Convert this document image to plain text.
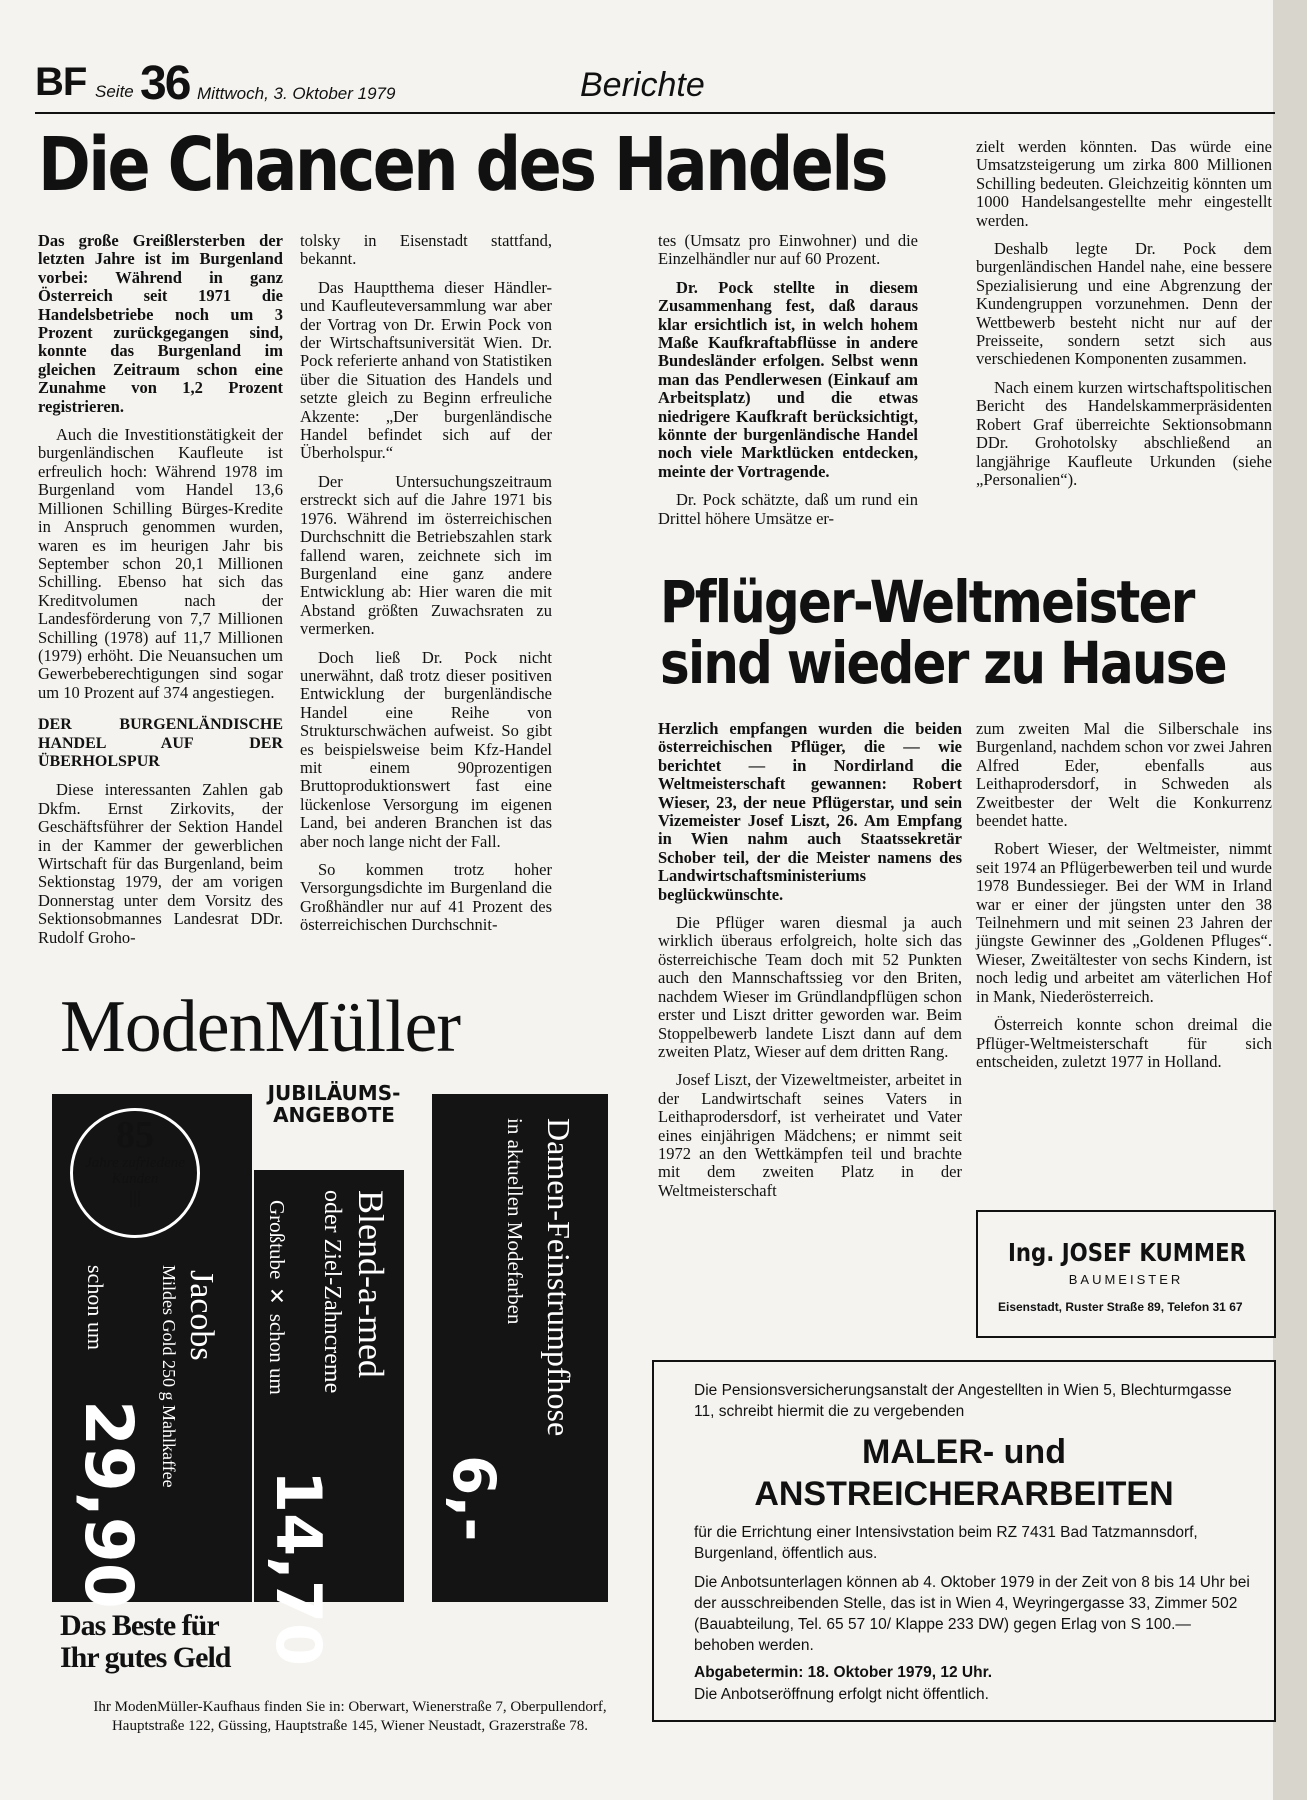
BF Seite 36 Mittwoch, 3. Oktober 1979	Berichte
Die Chancen des Handels

Das große Greißlersterben der letzten Jahre ist im Burgenland vorbei: Während in ganz Österreich seit 1971 die Handelsbetriebe noch um 3 Prozent zurückgegangen sind, konnte das Burgenland im gleichen Zeitraum schon eine Zunahme von 1,2 Prozent registrieren.

Auch die Investitionstätigkeit der burgenländischen Kaufleute ist erfreulich hoch: Während 1978 im Burgenland vom Handel 13,6 Millionen Schilling Bürges-Kredite in Anspruch genommen wurden, waren es im heurigen Jahr bis September schon 20,1 Millionen Schilling. Ebenso hat sich das Kreditvolumen nach der Landesförderung von 7,7 Millionen Schilling (1978) auf 11,7 Millionen (1979) erhöht. Die Neuansuchen um Gewerbeberechtigungen sind sogar um 10 Prozent auf 374 angestiegen.

DER BURGENLÄNDISCHE HANDEL AUF DER ÜBERHOLSPUR

Diese interessanten Zahlen gab Dkfm. Ernst Zirkovits, der Geschäftsführer der Sektion Handel in der Kammer der gewerblichen Wirtschaft für das Burgenland, beim Sektionstag 1979, der am vorigen Donnerstag unter dem Vorsitz des Sektionsobmannes Landesrat DDr. Rudolf Groho-

tolsky in Eisenstadt stattfand, bekannt.

Das Hauptthema dieser Händler- und Kaufleuteversammlung war aber der Vortrag von Dr. Erwin Pock von der Wirtschaftsuniversität Wien. Dr. Pock referierte anhand von Statistiken über die Situation des Handels und setzte gleich zu Beginn erfreuliche Akzente: „Der burgenländische Handel befindet sich auf der Überholspur.“

Der Untersuchungszeitraum erstreckt sich auf die Jahre 1971 bis 1976. Während im österreichischen Durchschnitt die Betriebszahlen stark fallend waren, zeichnete sich im Burgenland eine ganz andere Entwicklung ab: Hier waren die mit Abstand größten Zuwachsraten zu vermerken.

Doch ließ Dr. Pock nicht unerwähnt, daß trotz dieser positiven Entwicklung der burgenländische Handel eine Reihe von Strukturschwächen aufweist. So gibt es beispielsweise beim Kfz-Handel mit einem 90prozentigen Bruttoproduktionswert fast eine lückenlose Versorgung im eigenen Land, bei anderen Branchen ist das aber noch lange nicht der Fall.

So kommen trotz hoher Versorgungsdichte im Burgenland die Großhändler nur auf 41 Prozent des österreichischen Durchschnit-

tes (Umsatz pro Einwohner) und die Einzelhändler nur auf 60 Prozent.

Dr. Pock stellte in diesem Zusammenhang fest, daß daraus klar ersichtlich ist, in welch hohem Maße Kaufkraftabflüsse in andere Bundesländer erfolgen. Selbst wenn man das Pendlerwesen (Einkauf am Arbeitsplatz) und die etwas niedrigere Kaufkraft berücksichtigt, könnte der burgenländische Handel noch viele Marktlücken entdecken, meinte der Vortragende.

Dr. Pock schätzte, daß um rund ein Drittel höhere Umsätze er-

zielt werden könnten. Das würde eine Umsatzsteigerung um zirka 800 Millionen Schilling bedeuten. Gleichzeitig könnten um 1000 Handelsangestellte mehr eingestellt werden.

Deshalb legte Dr. Pock dem burgenländischen Handel nahe, eine bessere Spezialisierung und eine Abgrenzung der Kundengruppen vorzunehmen. Denn der Wettbewerb besteht nicht nur auf der Preisseite, sondern setzt sich aus verschiedenen Komponenten zusammen.

Nach einem kurzen wirtschaftspolitischen Bericht des Handelskammerpräsidenten Robert Graf überreichte Sektionsobmann DDr. Grohotolsky abschließend an langjährige Kaufleute Urkunden (siehe „Personalien“).

Pflüger-Weltmeister
sind wieder zu Hause

Herzlich empfangen wurden die beiden österreichischen Pflüger, die — wie berichtet — in Nordirland die Weltmeisterschaft gewannen: Robert Wieser, 23, der neue Pflügerstar, und sein Vizemeister Josef Liszt, 26. Am Empfang in Wien nahm auch Staatssekretär Schober teil, der die Meister namens des Landwirtschaftsministeriums beglückwünschte.

Die Pflüger waren diesmal ja auch wirklich überaus erfolgreich, holte sich das österreichische Team doch mit 52 Punkten auch den Mannschaftssieg vor den Briten, nachdem Wieser im Gründlandpflügen schon erster und Liszt dritter geworden war. Beim Stoppelbewerb landete Liszt dann auf dem zweiten Platz, Wieser auf dem dritten Rang.

Josef Liszt, der Vizeweltmeister, arbeitet in der Landwirtschaft seines Vaters in Leithaprodersdorf, ist verheiratet und Vater eines einjährigen Mädchens; er nimmt seit 1972 an den Wettkämpfen teil und brachte mit dem zweiten Platz in der Weltmeisterschaft

zum zweiten Mal die Silberschale ins Burgenland, nachdem schon vor zwei Jahren Alfred Eder, ebenfalls aus Leithaprodersdorf, in Schweden als Zweitbester der Welt die Konkurrenz beendet hatte.

Robert Wieser, der Weltmeister, nimmt seit 1974 an Pflügerbewerben teil und wurde 1978 Bundessieger. Bei der WM in Irland war er einer der jüngsten unter den 38 Teilnehmern und mit seinen 23 Jahren der jüngste Gewinner des „Goldenen Pfluges“. Wieser, Zweitältester von sechs Kindern, ist noch ledig und arbeitet am väterlichen Hof in Mank, Niederösterreich.

Österreich konnte schon dreimal die Pflüger-Weltmeisterschaft für sich entscheiden, zuletzt 1977 in Holland.

ModenMüller
JUBILÄUMS-ANGEBOTE
85
Jahre zufriedene Kunden
|||
Jacobs
Mildes Gold 250 g Mahlkaffee
schon um
29,90
Blend-a-med
oder Ziel-Zahncreme
Großtube ✕ schon um
14,70
Damen-Feinstrumpfhose
in aktuellen Modefarben
6,-
Das Beste für Ihr gutes Geld
Ihr ModenMüller-Kaufhaus finden Sie in: Oberwart, Wienerstraße 7, Oberpullendorf, Hauptstraße 122, Güssing, Hauptstraße 145, Wiener Neustadt, Grazerstraße 78.
Ing. JOSEF KUMMER
BAUMEISTER
Eisenstadt, Ruster Straße 89, Telefon 31 67
Die Pensionsversicherungsanstalt der Angestellten in Wien 5, Blechturmgasse 11, schreibt hiermit die zu vergebenden
MALER- und
ANSTREICHERARBEITEN
für die Errichtung einer Intensivstation beim RZ 7431 Bad Tatzmannsdorf, Burgenland, öffentlich aus.
Die Anbotsunterlagen können ab 4. Oktober 1979 in der Zeit von 8 bis 14 Uhr bei der ausschreibenden Stelle, das ist in Wien 4, Weyringergasse 33, Zimmer 502 (Bauabteilung, Tel. 65 57 10/ Klappe 233 DW) gegen Erlag von S 100.— behoben werden.
Abgabetermin: 18. Oktober 1979, 12 Uhr.
Die Anbotseröffnung erfolgt nicht öffentlich.
